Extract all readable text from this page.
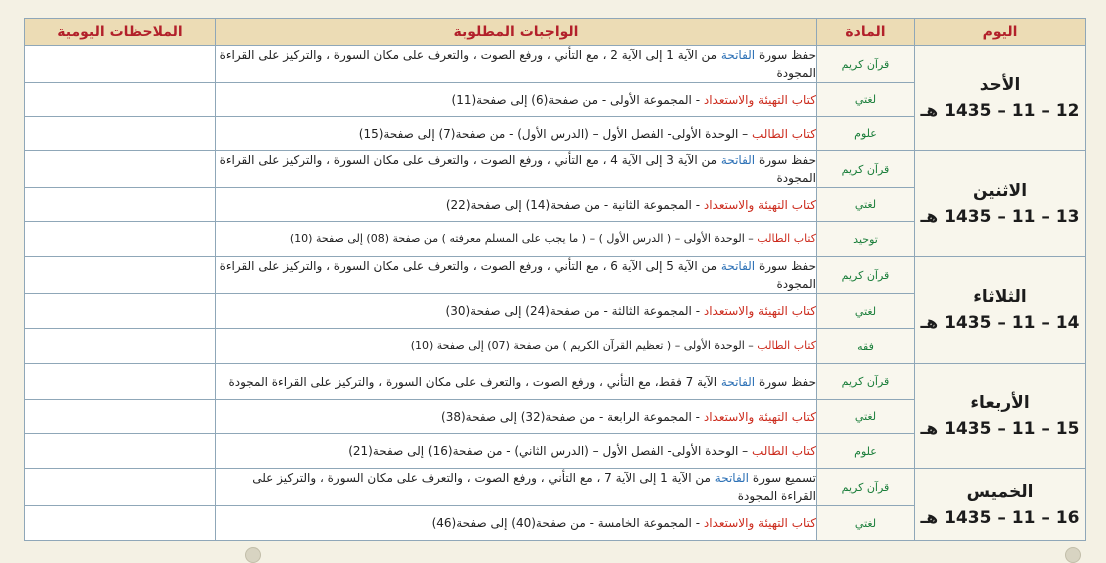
اليوم	المادة	الواجبات المطلوبة	الملاحظات اليومية

الأحد
12 – 11 – 1435 هـ	قرآن كريم	حفظ سورة الفاتحة من الآية 1 إلى الآية 2 ، مع التأني ، ورفع الصوت ، والتعرف على مكان السورة ، والتركيز على القراءة المجودة	
	لغتي	كتاب التهيئة والاستعداد - المجموعة الأولى - من صفحة(6) إلى صفحة(11)	
	علوم	كتاب الطالب – الوحدة الأولى- الفصل الأول – (الدرس الأول) - من صفحة(7) إلى صفحة(15)	

الاثنين
13 – 11 – 1435 هـ	قرآن كريم	حفظ سورة الفاتحة من الآية 3 إلى الآية 4 ، مع التأني ، ورفع الصوت ، والتعرف على مكان السورة ، والتركيز على القراءة المجودة	
	لغتي	كتاب التهيئة والاستعداد - المجموعة الثانية - من صفحة(14) إلى صفحة(22)	
	توحيد	كتاب الطالب – الوحدة الأولى – ( الدرس الأول ) – ( ما يجب على المسلم معرفته ) من صفحة (08) إلى صفحة (10)	

الثلاثاء
14 – 11 – 1435 هـ	قرآن كريم	حفظ سورة الفاتحة من الآية 5 إلى الآية 6 ، مع التأني ، ورفع الصوت ، والتعرف على مكان السورة ، والتركيز على القراءة المجودة	
	لغتي	كتاب التهيئة والاستعداد - المجموعة الثالثة - من صفحة(24) إلى صفحة(30)	
	فقه	كتاب الطالب – الوحدة الأولى – ( تعظيم القرآن الكريم ) من صفحة (07) إلى صفحة (10)	

الأربعاء
15 – 11 – 1435 هـ	قرآن كريم	حفظ سورة الفاتحة الآية 7 فقط، مع التأني ، ورفع الصوت ، والتعرف على مكان السورة ، والتركيز على القراءة المجودة	
	لغتي	كتاب التهيئة والاستعداد - المجموعة الرابعة - من صفحة(32) إلى صفحة(38)	
	علوم	كتاب الطالب – الوحدة الأولى- الفصل الأول – (الدرس الثاني) - من صفحة(16) إلى صفحة(21)	

الخميس
16 – 11 – 1435 هـ	قرآن كريم	تسميع سورة الفاتحة من الآية 1 إلى الآية 7 ، مع التأني ، ورفع الصوت ، والتعرف على مكان السورة ، والتركيز على القراءة المجودة	
	لغتي	كتاب التهيئة والاستعداد - المجموعة الخامسة - من صفحة(40) إلى صفحة(46)	
